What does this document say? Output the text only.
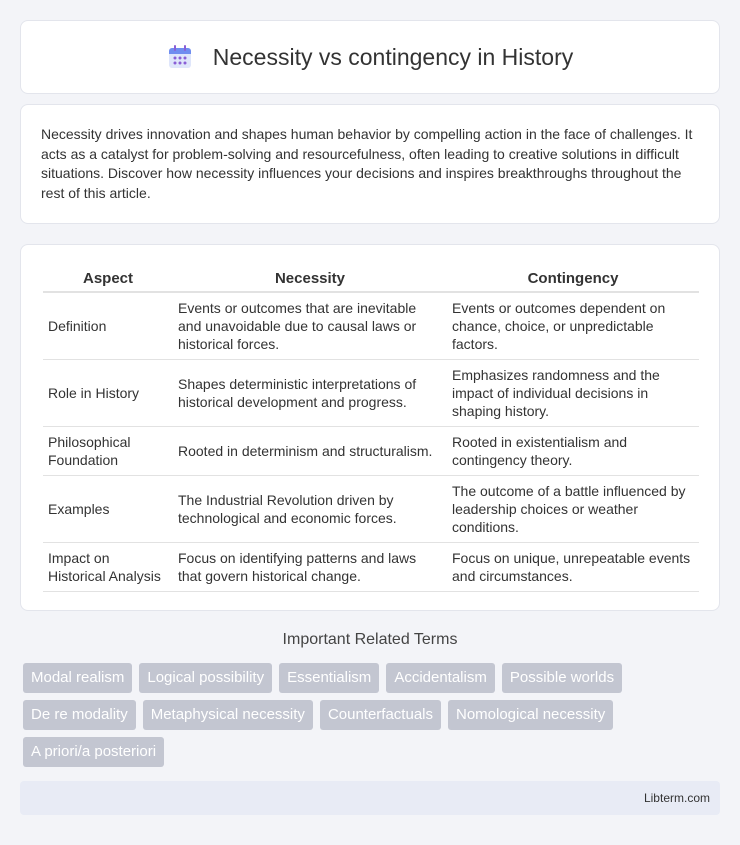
Necessity vs contingency in History

Necessity drives innovation and shapes human behavior by compelling action in the face of challenges. It acts as a catalyst for problem-solving and resourcefulness, often leading to creative solutions in difficult situations. Discover how necessity influences your decisions and inspires breakthroughs throughout the rest of this article.

Aspect	Necessity	Contingency
Definition	Events or outcomes that are inevitable and unavoidable due to causal laws or historical forces.	Events or outcomes dependent on chance, choice, or unpredictable factors.
Role in History	Shapes deterministic interpretations of historical development and progress.	Emphasizes randomness and the impact of individual decisions in shaping history.
Philosophical Foundation	Rooted in determinism and structuralism.	Rooted in existentialism and contingency theory.
Examples	The Industrial Revolution driven by technological and economic forces.	The outcome of a battle influenced by leadership choices or weather conditions.
Impact on Historical Analysis	Focus on identifying patterns and laws that govern historical change.	Focus on unique, unrepeatable events and circumstances.
Important Related Terms
Modal realism	Logical possibility	Essentialism	Accidentalism	Possible worlds
De re modality	Metaphysical necessity	Counterfactuals	Nomological necessity
A priori/a posteriori
Libterm.com
